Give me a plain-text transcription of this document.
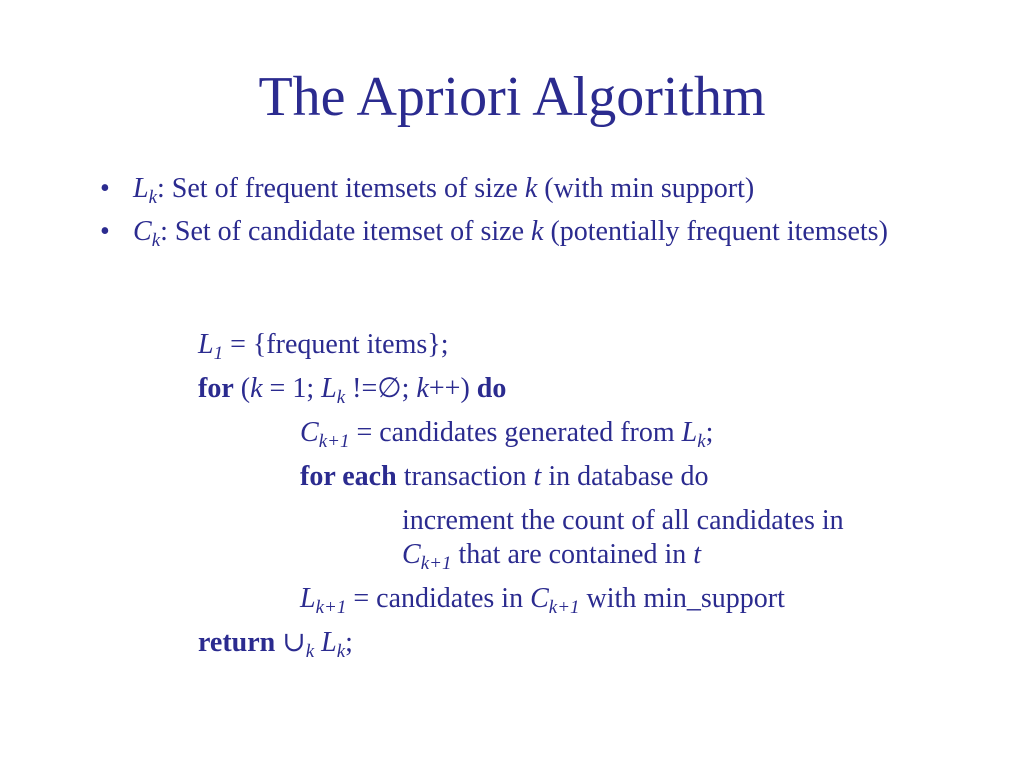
The Apriori Algorithm
• $L_k$: Set of frequent itemsets of size k (with min support)
• $C_k$: Set of candidate itemset of size k (potentially frequent itemsets)
$L_1$ = {frequent items};
for (k = 1; $L_k$ !=∅; k++) do
$C_{k+1}$ = candidates generated from $L_k$;
for each transaction t in database do
increment the count of all candidates in
$C_{k+1}$ that are contained in t
$L_{k+1}$ = candidates in $C_{k+1}$ with min_support
return $\cup_k$ $L_k$;
